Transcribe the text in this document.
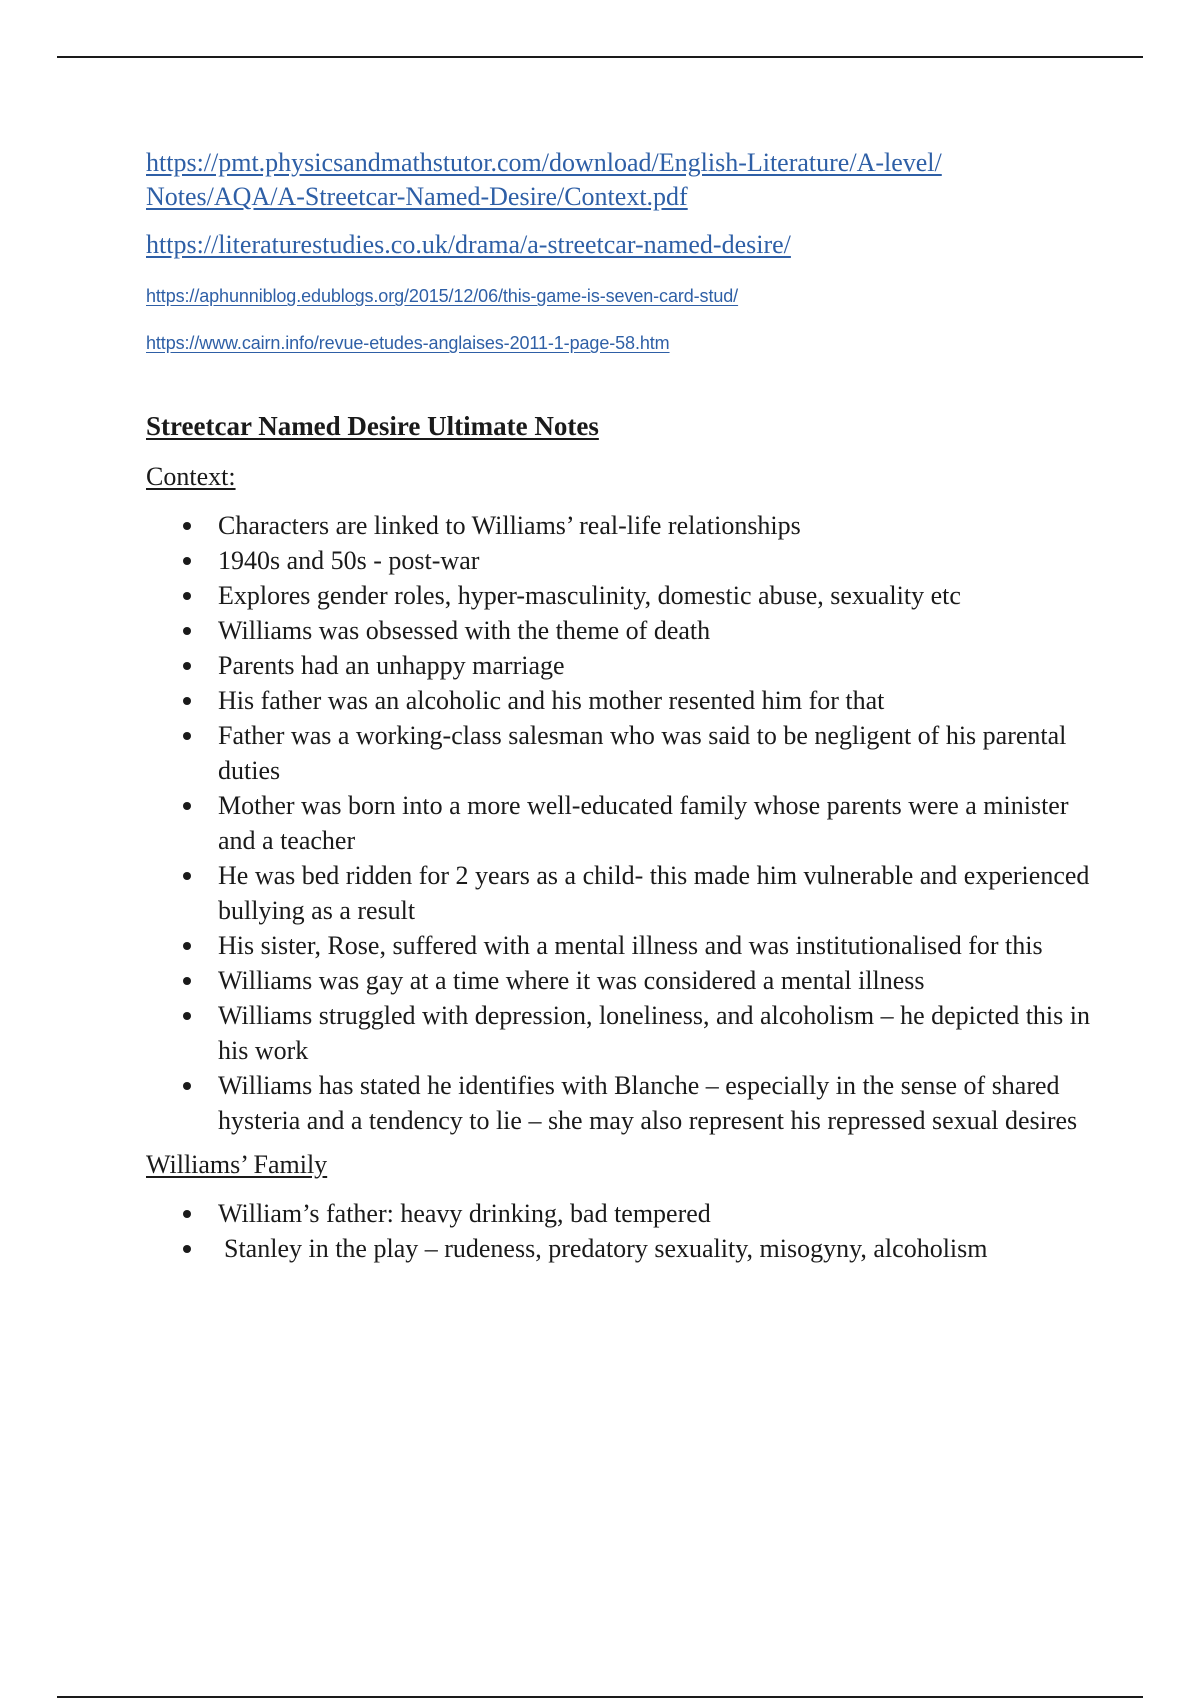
https://pmt.physicsandmathstutor.com/download/English-Literature/A-level/
Notes/AQA/A-Streetcar-Named-Desire/Context.pdf
https://literaturestudies.co.uk/drama/a-streetcar-named-desire/
https://aphunniblog.edublogs.org/2015/12/06/this-game-is-seven-card-stud/
https://www.cairn.info/revue-etudes-anglaises-2011-1-page-58.htm
Streetcar Named Desire Ultimate Notes
Context:
Characters are linked to Williams’ real-life relationships
1940s and 50s - post-war
Explores gender roles, hyper-masculinity, domestic abuse, sexuality etc
Williams was obsessed with the theme of death
Parents had an unhappy marriage
His father was an alcoholic and his mother resented him for that
Father was a working-class salesman who was said to be negligent of his parental duties
Mother was born into a more well-educated family whose parents were a minister and a teacher
He was bed ridden for 2 years as a child- this made him vulnerable and experienced bullying as a result
His sister, Rose, suffered with a mental illness and was institutionalised for this
Williams was gay at a time where it was considered a mental illness
Williams struggled with depression, loneliness, and alcoholism – he depicted this in his work
Williams has stated he identifies with Blanche – especially in the sense of shared hysteria and a tendency to lie – she may also represent his repressed sexual desires
Williams’ Family
William’s father: heavy drinking, bad tempered
Stanley in the play – rudeness, predatory sexuality, misogyny, alcoholism
